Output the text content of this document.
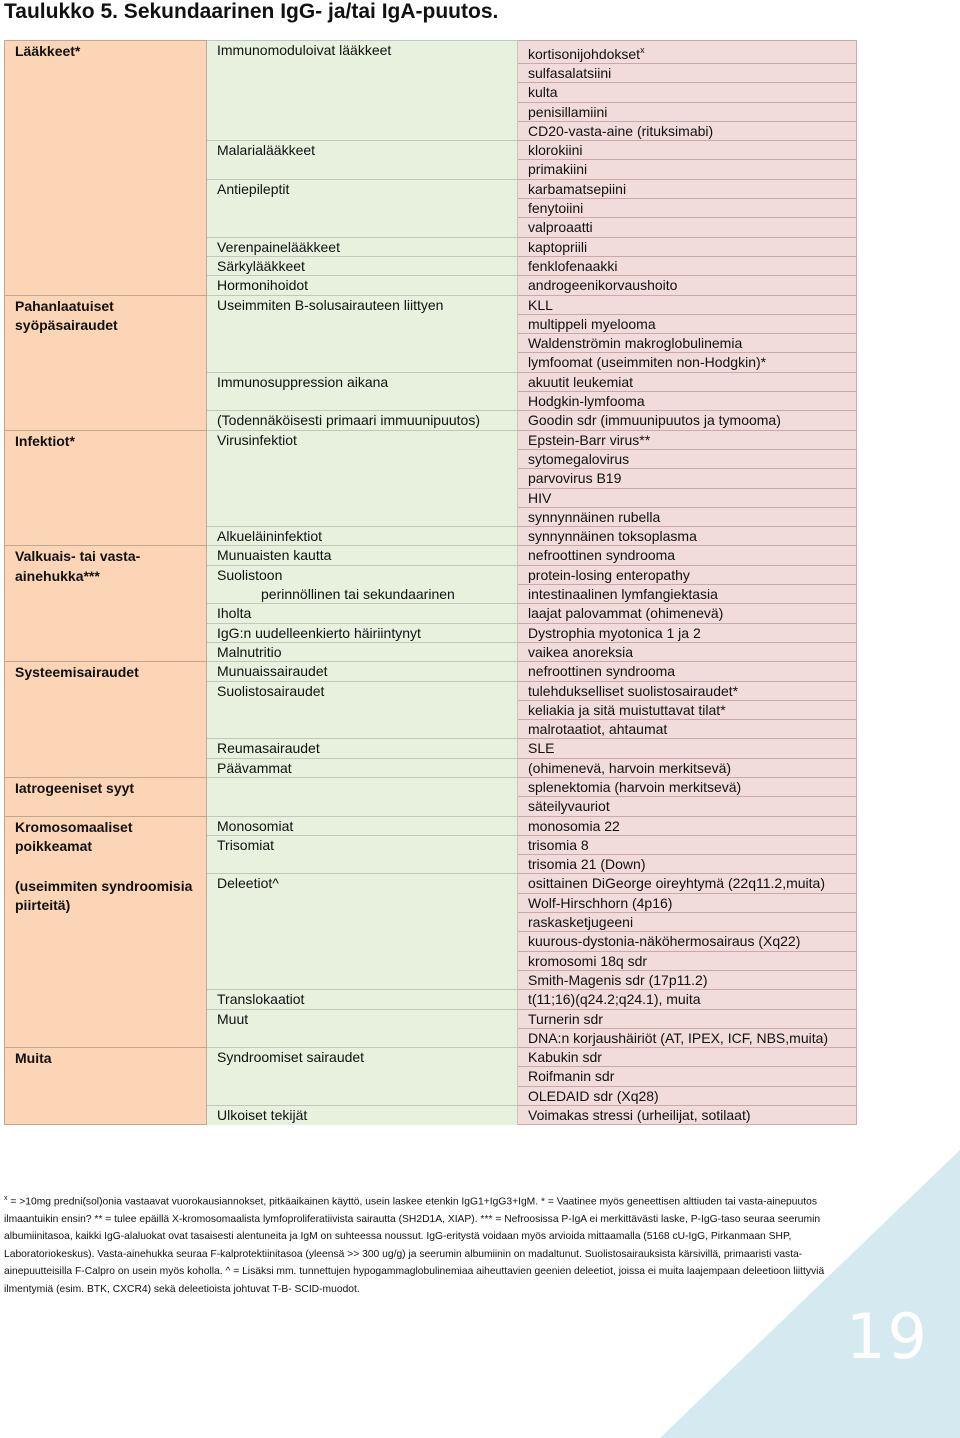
19
Taulukko 5. Sekundaarinen IgG- ja/tai IgA-puutos.
Lääkkeet*	Immunomoduloivat lääkkeet	kortisonijohdokset$^x$
		sulfasalatsiini
		kulta
		penisillamiini
		CD20-vasta-aine (rituksimabi)
	Malarialääkkeet	klorokiini
		primakiini
	Antiepileptit	karbamatsepiini
		fenytoiini
		valproaatti
	Verenpainelääkkeet	kaptopriili
	Särkylääkkeet	fenklofenaakki
	Hormonihoidot	androgeenikorvaushoito

Pahanlaatuiset syöpäsairaudet	Useimmiten B-solusairauteen liittyen	KLL
		multippeli myelooma
		Waldenströmin makroglobulinemia
		lymfoomat (useimmiten non-Hodgkin)*
	Immunosuppression aikana	akuutit leukemiat
		Hodgkin-lymfooma
	(Todennäköisesti primaari immuunipuutos)	Goodin sdr (immuunipuutos ja tymooma)

Infektiot*	Virusinfektiot	Epstein-Barr virus**
		sytomegalovirus
		parvovirus B19
		HIV
		synnynnäinen rubella
	Alkueläininfektiot	synnynnäinen toksoplasma

Valkuais- tai vasta-ainehukka***	Munuaisten kautta	nefroottinen syndrooma
	Suolistoon	protein-losing enteropathy
	perinnöllinen tai sekundaarinen	intestinaalinen lymfangiektasia
	Iholta	laajat palovammat (ohimenevä)
	IgG:n uudelleenkierto häiriintynyt	Dystrophia myotonica 1 ja 2
	Malnutritio	vaikea anoreksia

Systeemisairaudet	Munuaissairaudet	nefroottinen syndrooma
	Suolistosairaudet	tulehdukselliset suolistosairaudet*
		keliakia ja sitä muistuttavat tilat*
		malrotaatiot, ahtaumat
	Reumasairaudet	SLE
	Päävammat	(ohimenevä, harvoin merkitsevä)

Iatrogeeniset syyt		splenektomia (harvoin merkitsevä)
		säteilyvauriot

Kromosomaaliset poikkeamat
(useimmiten syndroomisia piirteitä)	Monosomiat	monosomia 22
	Trisomiat	trisomia 8
		trisomia 21 (Down)
	Deleetiot^	osittainen DiGeorge oireyhtymä (22q11.2,muita)
		Wolf-Hirschhorn (4p16)
		raskasketjugeeni
		kuurous-dystonia-näköhermosairaus (Xq22)
		kromosomi 18q sdr
		Smith-Magenis sdr (17p11.2)
	Translokaatiot	t(11;16)(q24.2;q24.1), muita
	Muut	Turnerin sdr
		DNA:n korjaushäiriöt (AT, IPEX, ICF, NBS,muita)

Muita	Syndroomiset sairaudet	Kabukin sdr
		Roifmanin sdr
		OLEDAID sdr (Xq28)
	Ulkoiset tekijät	Voimakas stressi (urheilijat, sotilaat)
$^x$ = >10mg predni(sol)onia vastaavat vuorokausiannokset, pitkäaikainen käyttö, usein laskee etenkin IgG1+IgG3+IgM. * = Vaatinee myös geneettisen alttiuden tai vasta-ainepuutos ilmaantuikin ensin? ** = tulee epäillä X-kromosomaalista lymfoproliferatiivista sairautta (SH2D1A, XIAP). *** = Nefroosissa P-IgA ei merkittävästi laske, P-IgG-taso seuraa seerumin albumiinitasoa, kaikki IgG-alaluokat ovat tasaisesti alentuneita ja IgM on suhteessa noussut. IgG-eritystä voidaan myös arvioida mittaamalla (5168 cU-IgG, Pirkanmaan SHP, Laboratoriokeskus). Vasta-ainehukka seuraa F-kalprotektiinitasoa (yleensä >> 300 ug/g) ja seerumin albumiinin on madaltunut. Suolistosairauksista kärsivillä, primaaristi vasta-ainepuutteisilla F-Calpro on usein myös koholla. ^ = Lisäksi mm. tunnettujen hypogammaglobulinemiaa aiheuttavien geenien deleetiot, joissa ei muita laajempaan deleetioon liittyviä ilmentymiä (esim. BTK, CXCR4) sekä deleetioista johtuvat T-B- SCID-muodot.
